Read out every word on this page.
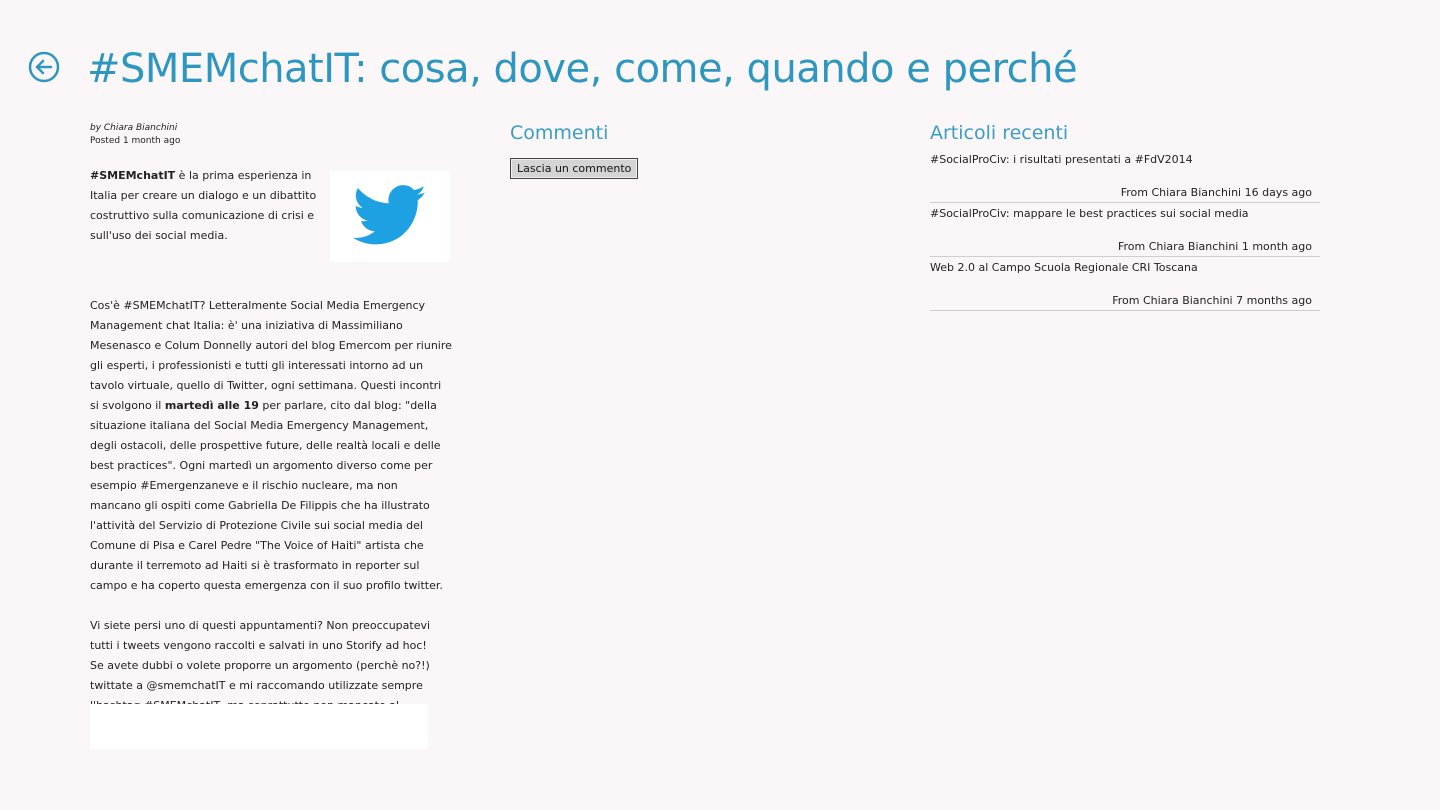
#SMEMchatIT: cosa, dove, come, quando e perché
by Chiara Bianchini
Posted 1 month ago

#SMEMchatIT è la prima esperienza in Italia per creare un dialogo e un dibattito costruttivo sulla comunicazione di crisi e sull'uso dei social media.

Cos'è #SMEMchatIT? Letteralmente Social Media Emergency Management chat Italia: è' una iniziativa di Massimiliano Mesenasco e Colum Donnelly autori del blog Emercom per riunire gli esperti, i professionisti e tutti gli interessati intorno ad un tavolo virtuale, quello di Twitter, ogni settimana. Questi incontri si svolgono il martedì alle 19 per parlare, cito dal blog: "della situazione italiana del Social Media Emergency Management, degli ostacoli, delle prospettive future, delle realtà locali e delle best practices". Ogni martedì un argomento diverso come per esempio #Emergenzaneve e il rischio nucleare, ma non mancano gli ospiti come Gabriella De Filippis che ha illustrato l'attività del Servizio di Protezione Civile sui social media del Comune di Pisa e Carel Pedre "The Voice of Haiti" artista che durante il terremoto ad Haiti si è trasformato in reporter sul campo e ha coperto questa emergenza con il suo profilo twitter.

Vi siete persi uno di questi appuntamenti? Non preoccupatevi tutti i tweets vengono raccolti e salvati in uno Storify ad hoc!
Se avete dubbi o volete proporre un argomento (perchè no?!) twittate a @smemchatIT e mi raccomando utilizzate sempre

Commenti
Lascia un commento
Articoli recenti
#SocialProCiv: i risultati presentati a #FdV2014
From Chiara Bianchini 16 days ago
#SocialProCiv: mappare le best practices sui social media
From Chiara Bianchini 1 month ago
Web 2.0 al Campo Scuola Regionale CRI Toscana
From Chiara Bianchini 7 months ago
